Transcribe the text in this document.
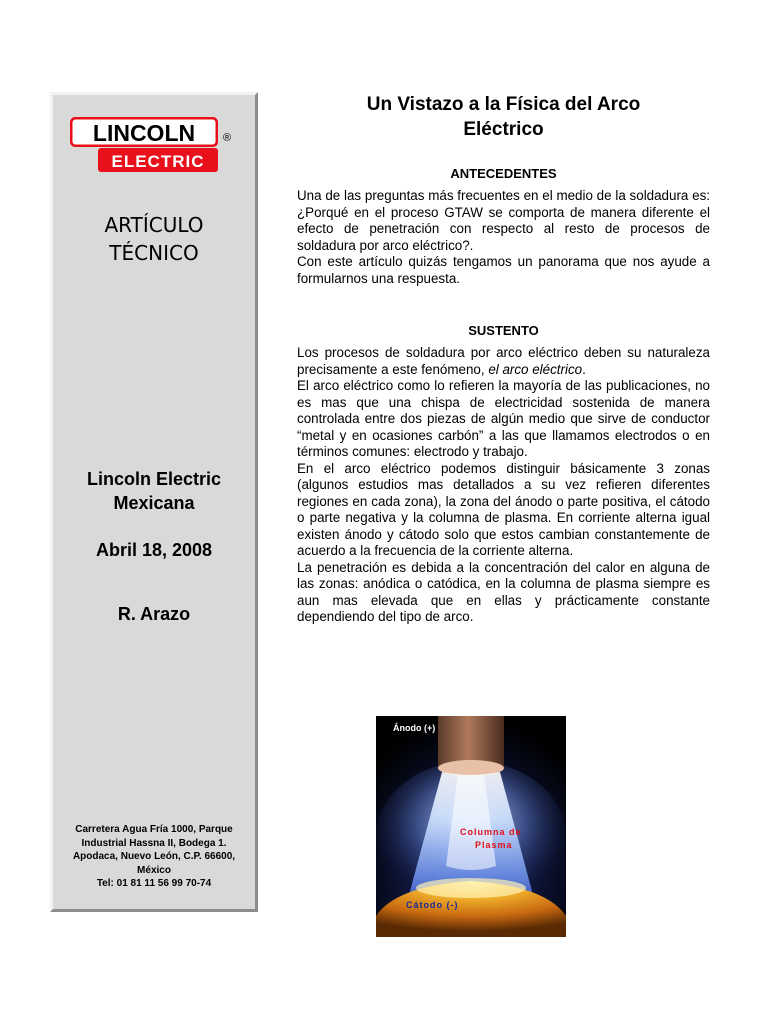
LINCOLN	®
ELECTRIC
ARTÍCULO
TÉCNICO
Lincoln Electric
Mexicana
Abril 18, 2008
R. Arazo
Carretera Agua Fría 1000, Parque
Industrial Hassna II, Bodega 1.
Apodaca, Nuevo León, C.P. 66600,
México
Tel: 01 81 11 56 99 70-74
Un Vistazo a la Física del Arco
Eléctrico
ANTECEDENTES

Una de las preguntas más frecuentes en el medio de la soldadura es: ¿Porqué en el proceso GTAW se comporta de manera diferente el efecto de penetración con respecto al resto de procesos de soldadura por arco eléctrico?.

Con este artículo quizás tengamos un panorama que nos ayude a formularnos una respuesta.

SUSTENTO

Los procesos de soldadura por arco eléctrico deben su naturaleza precisamente a este fenómeno, el arco eléctrico.

El arco eléctrico como lo refieren la mayoría de las publicaciones, no es mas que una chispa de electricidad sostenida de manera controlada entre dos piezas de algún medio que sirve de conductor “metal y en ocasiones carbón” a las que llamamos electrodos o en términos comunes: electrodo y trabajo.

En el arco eléctrico podemos distinguir básicamente 3 zonas (algunos estudios mas detallados a su vez refieren diferentes regiones en cada zona), la zona del ánodo o parte positiva, el cátodo o parte negativa y la columna de plasma. En corriente alterna igual existen ánodo y cátodo solo que estos cambian constantemente de acuerdo a la frecuencia de la corriente alterna.

La penetración es debida a la concentración del calor en alguna de las zonas: anódica o catódica, en la columna de plasma siempre es aun mas elevada que en ellas y prácticamente constante dependiendo del tipo de arco.

Ánodo (+)
Columna de
Plasma
Cátodo (-)
